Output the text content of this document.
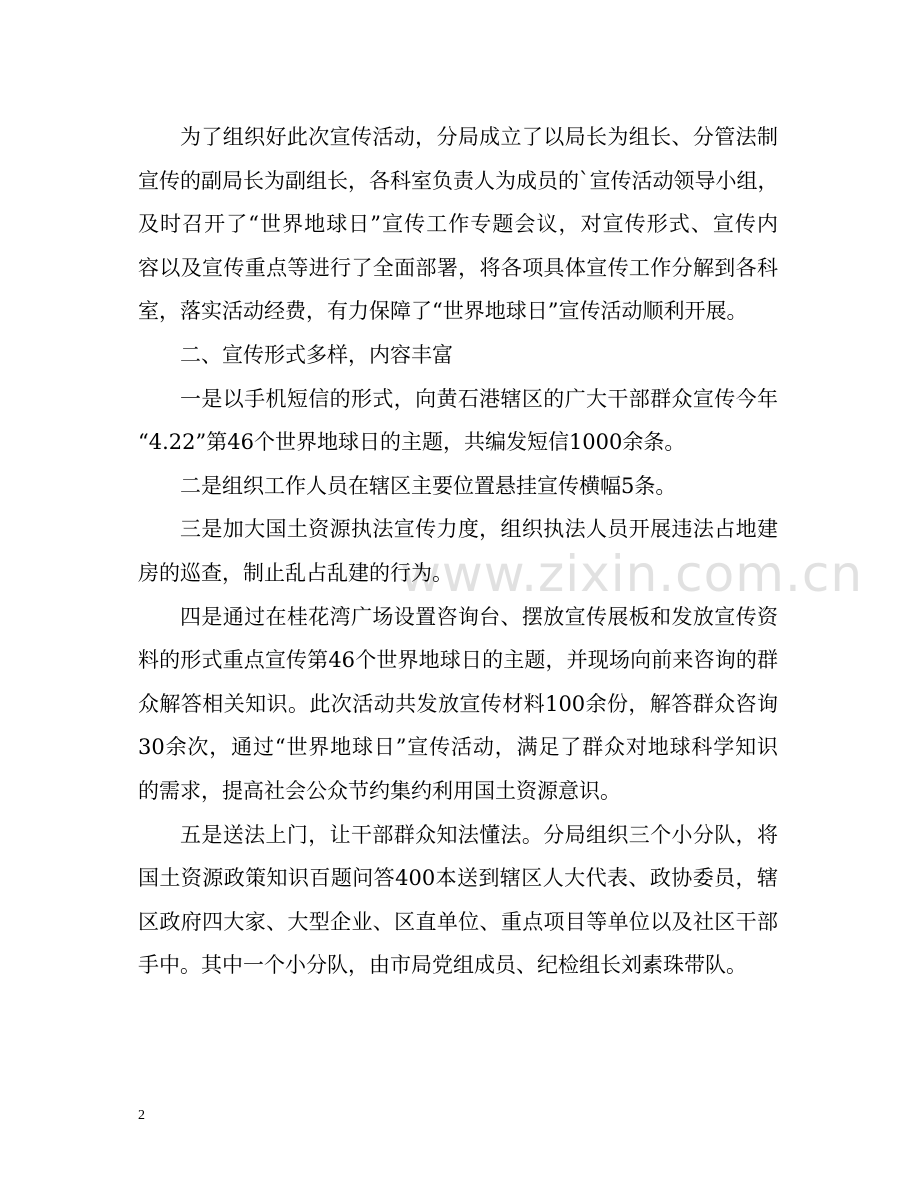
www.zixin.com.cn
为了组织好此次宣传活动，分局成立了以局长为组长、分管法制
宣传的副局长为副组长，各科室负责人为成员的`宣传活动领导小组，
及时召开了“世界地球日”宣传工作专题会议，对宣传形式、宣传内
容以及宣传重点等进行了全面部署，将各项具体宣传工作分解到各科
室，落实活动经费，有力保障了“世界地球日”宣传活动顺利开展。
二、宣传形式多样，内容丰富
一是以手机短信的形式，向黄石港辖区的广大干部群众宣传今年
“4.22”第46个世界地球日的主题，共编发短信1000余条。
二是组织工作人员在辖区主要位置悬挂宣传横幅5条。
三是加大国土资源执法宣传力度，组织执法人员开展违法占地建
房的巡查，制止乱占乱建的行为。
四是通过在桂花湾广场设置咨询台、摆放宣传展板和发放宣传资
料的形式重点宣传第46个世界地球日的主题，并现场向前来咨询的群
众解答相关知识。此次活动共发放宣传材料100余份，解答群众咨询
30余次，通过“世界地球日”宣传活动，满足了群众对地球科学知识
的需求，提高社会公众节约集约利用国土资源意识。
五是送法上门，让干部群众知法懂法。分局组织三个小分队，将
国土资源政策知识百题问答400本送到辖区人大代表、政协委员，辖
区政府四大家、大型企业、区直单位、重点项目等单位以及社区干部
手中。其中一个小分队，由市局党组成员、纪检组长刘素珠带队。
2
